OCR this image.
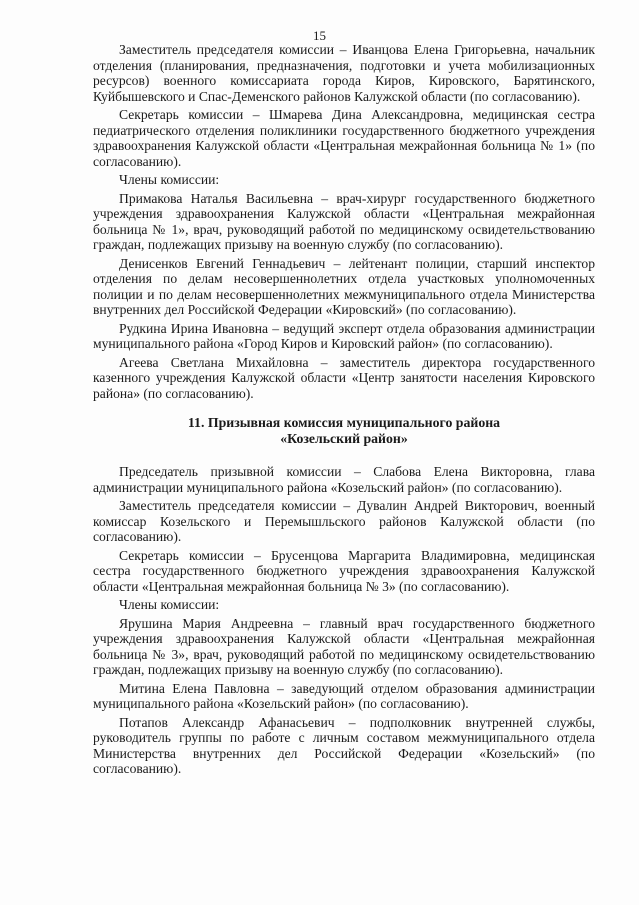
15

Заместитель председателя комиссии – Иванцова Елена Григорьевна, начальник отделения (планирования, предназначения, подготовки и учета мобилизационных ресурсов) военного комиссариата города Киров, Кировского, Барятинского, Куйбышевского и Спас-Деменского районов Калужской области (по согласованию).

Секретарь комиссии – Шмарева Дина Александровна, медицинская сестра педиатрического отделения поликлиники государственного бюджетного учреждения здравоохранения Калужской области «Центральная межрайонная больница № 1» (по согласованию).

Члены комиссии:

Примакова Наталья Васильевна – врач-хирург государственного бюджетного учреждения здравоохранения Калужской области «Центральная межрайонная больница № 1», врач, руководящий работой по медицинскому освидетельствованию граждан, подлежащих призыву на военную службу (по согласованию).

Денисенков Евгений Геннадьевич – лейтенант полиции, старший инспектор отделения по делам несовершеннолетних отдела участковых уполномоченных полиции и по делам несовершеннолетних межмуниципального отдела Министерства внутренних дел Российской Федерации «Кировский» (по согласованию).

Рудкина Ирина Ивановна – ведущий эксперт отдела образования администрации муниципального района «Город Киров и Кировский район» (по согласованию).

Агеева Светлана Михайловна – заместитель директора государственного казенного учреждения Калужской области «Центр занятости населения Кировского района» (по согласованию).

11. Призывная комиссия муниципального района
«Козельский район»

Председатель призывной комиссии – Слабова Елена Викторовна, глава администрации муниципального района «Козельский район» (по согласованию).

Заместитель председателя комиссии – Дувалин Андрей Викторович, военный комиссар Козельского и Перемышльского районов Калужской области (по согласованию).

Секретарь комиссии – Брусенцова Маргарита Владимировна, медицинская сестра государственного бюджетного учреждения здравоохранения Калужской области «Центральная межрайонная больница № 3» (по согласованию).

Члены комиссии:

Ярушина Мария Андреевна – главный врач государственного бюджетного учреждения здравоохранения Калужской области «Центральная межрайонная больница № 3», врач, руководящий работой по медицинскому освидетельствованию граждан, подлежащих призыву на военную службу (по согласованию).

Митина Елена Павловна – заведующий отделом образования администрации муниципального района «Козельский район» (по согласованию).

Потапов Александр Афанасьевич – подполковник внутренней службы, руководитель группы по работе с личным составом межмуниципального отдела Министерства внутренних дел Российской Федерации «Козельский» (по согласованию).
